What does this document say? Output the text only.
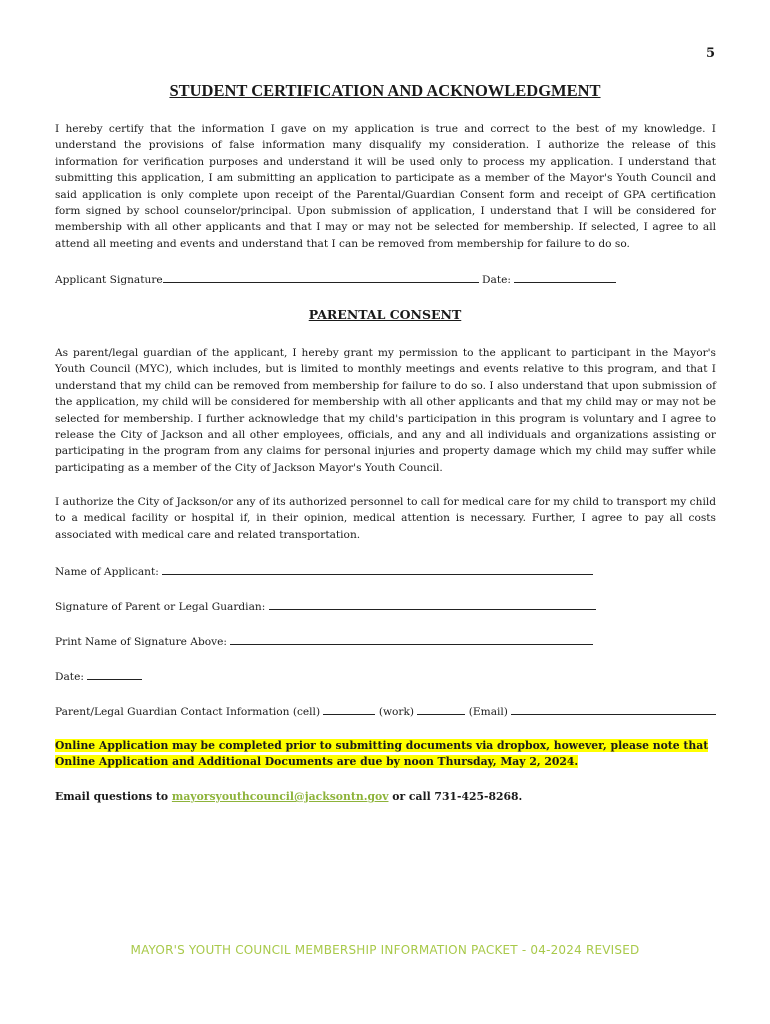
5
STUDENT CERTIFICATION AND ACKNOWLEDGMENT

I hereby certify that the information I gave on my application is true and correct to the best of my knowledge. I understand the provisions of false information many disqualify my consideration. I authorize the release of this information for verification purposes and understand it will be used only to process my application. I understand that submitting this application, I am submitting an application to participate as a member of the Mayor's Youth Council and said application is only complete upon receipt of the Parental/Guardian Consent form and receipt of GPA certification form signed by school counselor/principal. Upon submission of application, I understand that I will be considered for membership with all other applicants and that I may or may not be selected for membership. If selected, I agree to all attend all meeting and events and understand that I can be removed from membership for failure to do so.

Applicant Signature	Date:
PARENTAL CONSENT

As parent/legal guardian of the applicant, I hereby grant my permission to the applicant to participant in the Mayor's Youth Council (MYC), which includes, but is limited to monthly meetings and events relative to this program, and that I understand that my child can be removed from membership for failure to do so. I also understand that upon submission of the application, my child will be considered for membership with all other applicants and that my child may or may not be selected for membership. I further acknowledge that my child's participation in this program is voluntary and I agree to release the City of Jackson and all other employees, officials, and any and all individuals and organizations assisting or participating in the program from any claims for personal injuries and property damage which my child may suffer while participating as a member of the City of Jackson Mayor's Youth Council.

I authorize the City of Jackson/or any of its authorized personnel to call for medical care for my child to transport my child to a medical facility or hospital if, in their opinion, medical attention is necessary. Further, I agree to pay all costs associated with medical care and related transportation.

Name of Applicant:
Signature of Parent or Legal Guardian:
Print Name of Signature Above:
Date:
Parent/Legal Guardian Contact Information (cell)	(work)	(Email)

Online Application may be completed prior to submitting documents via dropbox, however, please note that Online Application and Additional Documents are due by noon Thursday, May 2, 2024.

Email questions to mayorsyouthcouncil@jacksontn.gov or call 731-425-8268.
MAYOR'S YOUTH COUNCIL MEMBERSHIP INFORMATION PACKET - 04-2024 REVISED
